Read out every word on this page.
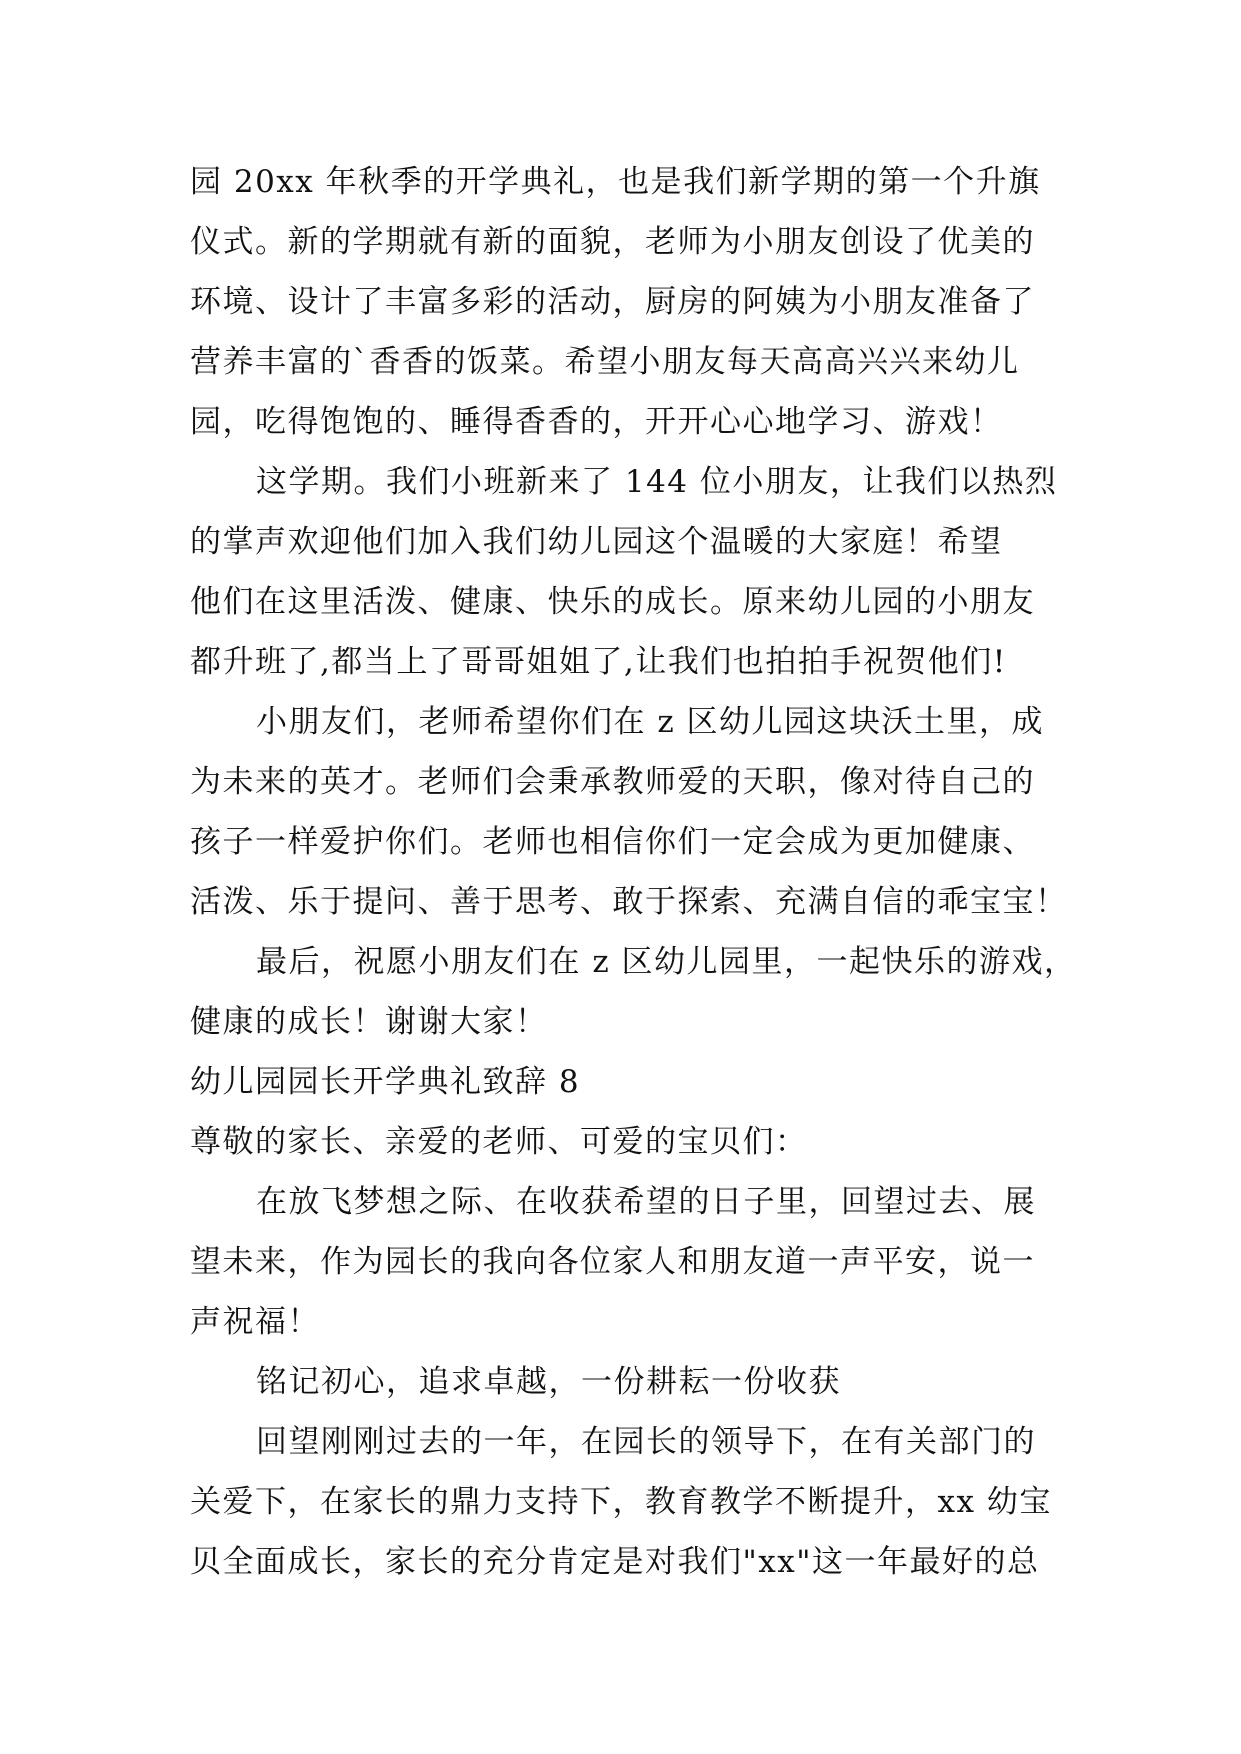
园 20xx 年秋季的开学典礼，也是我们新学期的第一个升旗
仪式。新的学期就有新的面貌，老师为小朋友创设了优美的
环境、设计了丰富多彩的活动，厨房的阿姨为小朋友准备了
营养丰富的`香香的饭菜。希望小朋友每天高高兴兴来幼儿
园，吃得饱饱的、睡得香香的，开开心心地学习、游戏！
这学期。我们小班新来了 144 位小朋友，让我们以热烈
的掌声欢迎他们加入我们幼儿园这个温暖的大家庭！希望
他们在这里活泼、健康、快乐的成长。原来幼儿园的小朋友
都升班了,都当上了哥哥姐姐了,让我们也拍拍手祝贺他们!
小朋友们，老师希望你们在 z 区幼儿园这块沃土里，成
为未来的英才。老师们会秉承教师爱的天职，像对待自己的
孩子一样爱护你们。老师也相信你们一定会成为更加健康、
活泼、乐于提问、善于思考、敢于探索、充满自信的乖宝宝！
最后，祝愿小朋友们在 z 区幼儿园里，一起快乐的游戏，
健康的成长！谢谢大家！
幼儿园园长开学典礼致辞 8
尊敬的家长、亲爱的老师、可爱的宝贝们：
在放飞梦想之际、在收获希望的日子里，回望过去、展
望未来，作为园长的我向各位家人和朋友道一声平安，说一
声祝福！
铭记初心，追求卓越，一份耕耘一份收获
回望刚刚过去的一年，在园长的领导下，在有关部门的
关爱下，在家长的鼎力支持下，教育教学不断提升，xx 幼宝
贝全面成长，家长的充分肯定是对我们"xx"这一年最好的总
